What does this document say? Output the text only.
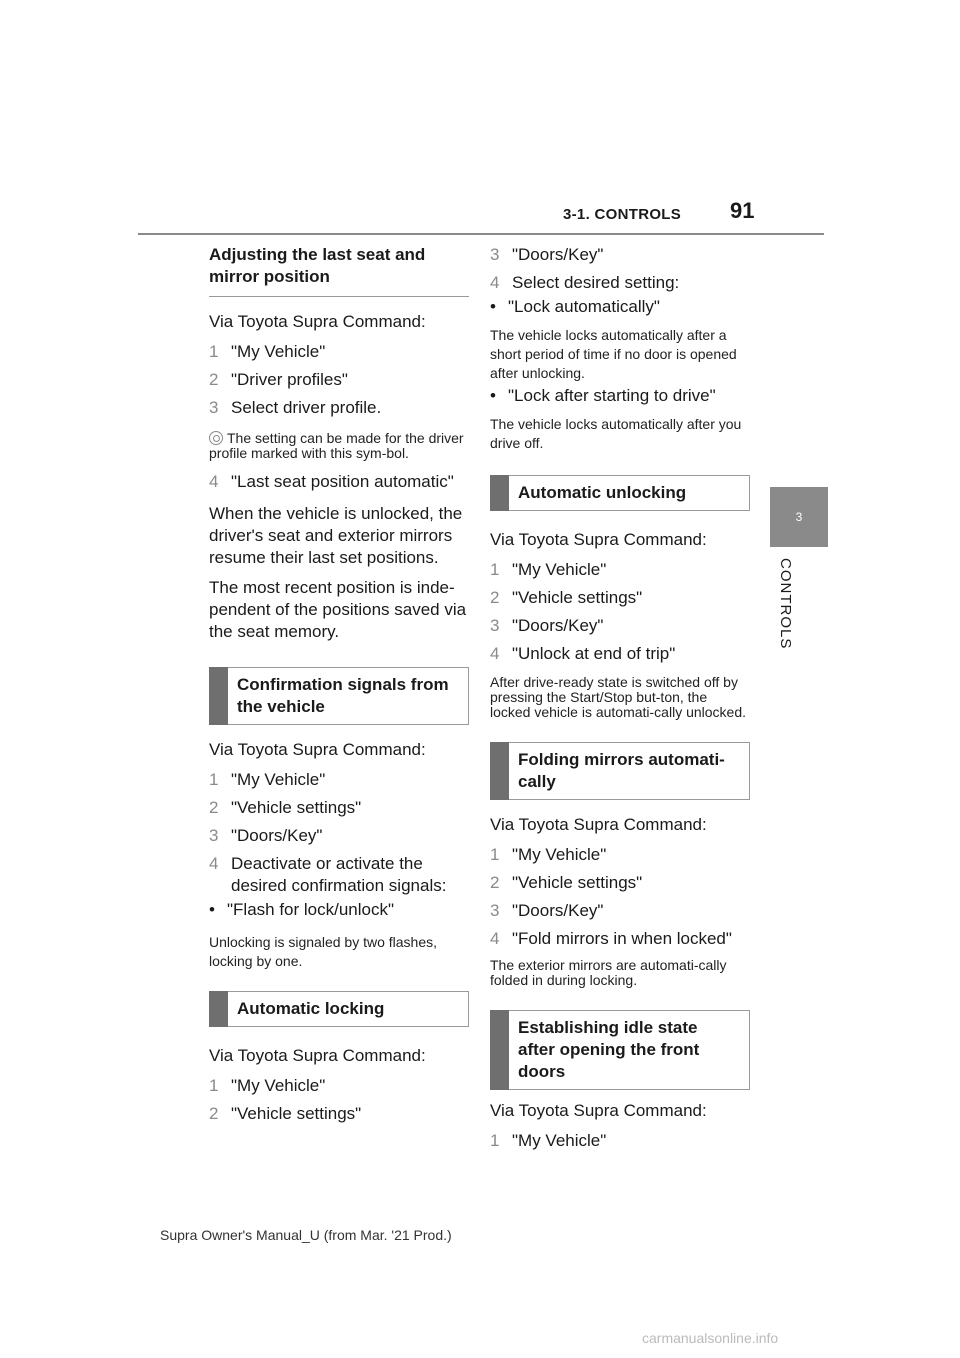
3-1. CONTROLS 91
3
CONTROLS
Adjusting the last seat and mirror position

Via Toyota Supra Command:

1 "My Vehicle"
2 "Driver profiles"
3 Select driver profile.

The setting can be made for the driver profile marked with this sym-bol.

4 "Last seat position automatic"

When the vehicle is unlocked, the driver's seat and exterior mirrors resume their last set positions.

The most recent position is inde-pendent of the positions saved via the seat memory.

Confirmation signals from the vehicle

Via Toyota Supra Command:

1 "My Vehicle"
2 "Vehicle settings"
3 "Doors/Key"
4 Deactivate or activate the desired confirmation signals:
• "Flash for lock/unlock"

Unlocking is signaled by two flashes, locking by one.

Automatic locking

Via Toyota Supra Command:

1 "My Vehicle"
2 "Vehicle settings"
3 "Doors/Key"
4 Select desired setting:
• "Lock automatically"

The vehicle locks automatically after a short period of time if no door is opened after unlocking.

• "Lock after starting to drive"

The vehicle locks automatically after you drive off.

Automatic unlocking

Via Toyota Supra Command:

1 "My Vehicle"
2 "Vehicle settings"
3 "Doors/Key"
4 "Unlock at end of trip"

After drive-ready state is switched off by pressing the Start/Stop but-ton, the locked vehicle is automati-cally unlocked.

Folding mirrors automati-cally

Via Toyota Supra Command:

1 "My Vehicle"
2 "Vehicle settings"
3 "Doors/Key"
4 "Fold mirrors in when locked"

The exterior mirrors are automati-cally folded in during locking.

Establishing idle state after opening the front doors

Via Toyota Supra Command:

1 "My Vehicle"
Supra Owner's Manual_U (from Mar. '21 Prod.)
carmanualsonline.info
